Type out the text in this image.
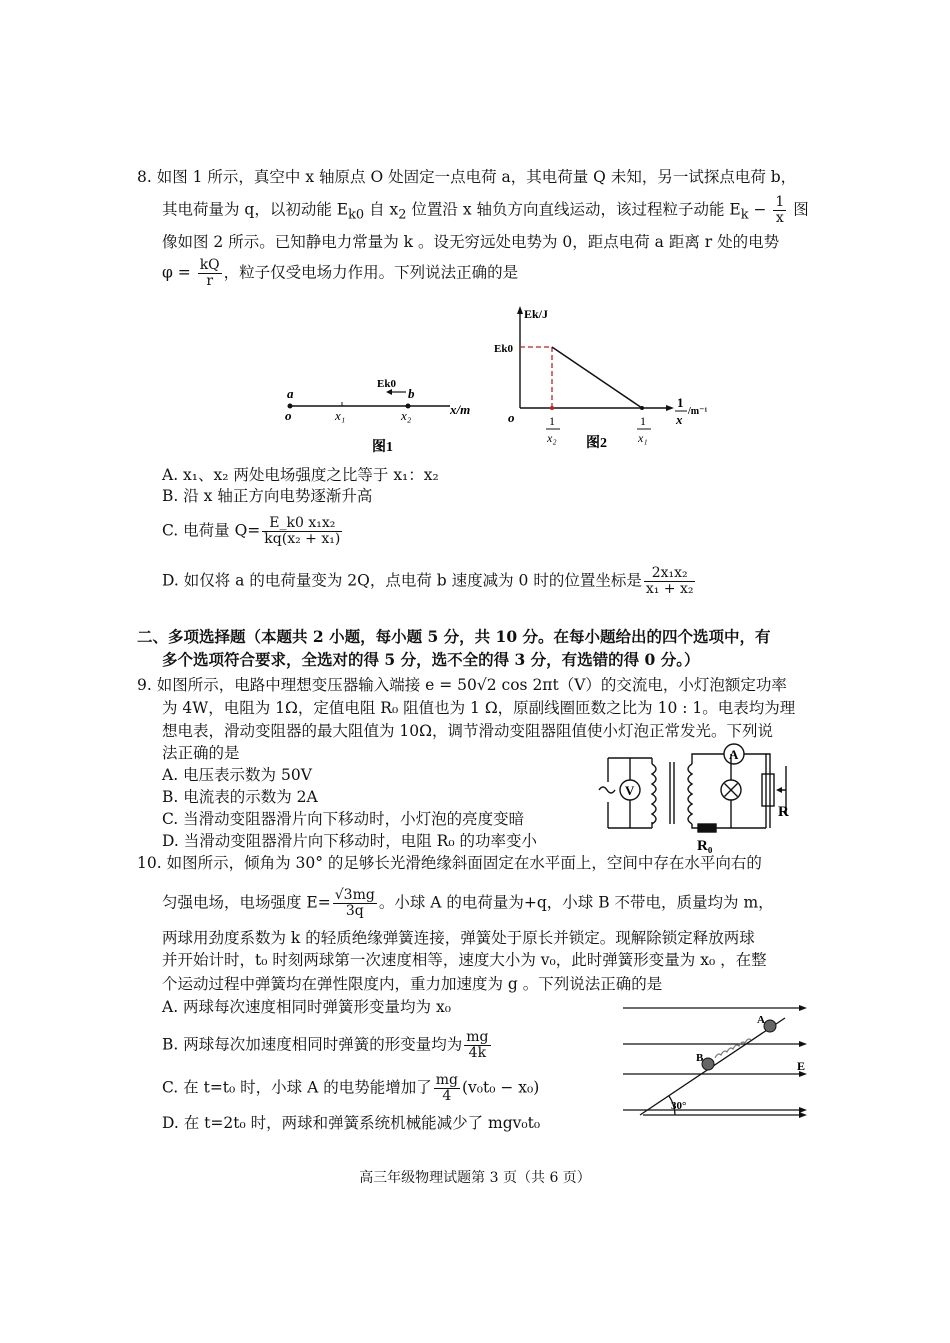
8. 如图 1 所示，真空中 x 轴原点 O 处固定一点电荷 a，其电荷量 Q 未知，另一试探点电荷 b，
其电荷量为 q，以初动能 $E_{k0}$ 自 $x_2$ 位置沿 x 轴负方向直线运动，该过程粒子动能 $E_k - \frac{1}{x}$ 图
像如图 2 所示。已知静电力常量为 k 。设无穷远处电势为 0，距点电荷 a 距离 r 处的电势
$\varphi = \frac{kQ}{r}$ ，粒子仅受电场力作用。下列说法正确的是
a
o	x₁	x₂	x/m
Ek0
b
图1
Ek/J
Ek0
o	1
x₂
1
x₁
1
x
/m⁻¹
图2
A. x₁、x₂ 两处电场强度之比等于 x₁：x₂
B. 沿 x 轴正方向电势逐渐升高
C. 电荷量 $Q= \frac{\text{E\_k0 x₁x₂}}{\text{kq(x₂ + x₁)}}$
D. 如仅将 a 的电荷量变为 2Q，点电荷 b 速度减为 0 时的位置坐标是 $\frac{\text{2x₁x₂}}{\text{x₁ + x₂}}$
二、多项选择题（本题共 2 小题，每小题 5 分，共 10 分。在每小题给出的四个选项中，有
多个选项符合要求，全选对的得 5 分，选不全的得 3 分，有选错的得 0 分。）
9. 如图所示，电路中理想变压器输入端接 e = 50√2 cos 2πt（V）的交流电，小灯泡额定功率
为 4W，电阻为 1Ω，定值电阻 R₀ 阻值也为 1 Ω，原副线圈匝数之比为 10 : 1。电表均为理
想电表，滑动变阻器的最大阻值为 10Ω，调节滑动变阻器阻值使小灯泡正常发光。下列说
法正确的是
A. 电压表示数为 50V
B. 电流表的示数为 2A
C. 当滑动变阻器滑片向下移动时，小灯泡的亮度变暗
D. 当滑动变阻器滑片向下移动时，电阻 R₀ 的功率变小
V
A
R
R₀
10. 如图所示，倾角为 30° 的足够长光滑绝缘斜面固定在水平面上，空间中存在水平向右的
匀强电场，电场强度 $E= \frac{√3mg}{3q}$ 。小球 A 的电荷量为+q，小球 B 不带电，质量均为 m，
两球用劲度系数为 k 的轻质绝缘弹簧连接，弹簧处于原长并锁定。现解除锁定释放两球
并开始计时，t₀ 时刻两球第一次速度相等，速度大小为 v₀，此时弹簧形变量为 x₀ ，在整
个运动过程中弹簧均在弹性限度内，重力加速度为 g 。下列说法正确的是
A. 两球每次速度相同时弹簧形变量均为 x₀
B. 两球每次加速度相同时弹簧的形变量均为 $\frac{mg}{4k}$
C. 在 t=t₀ 时，小球 A 的电势能增加了 $\frac{mg}{4} (v_0t_0 - x_0)$
D. 在 t=2t₀ 时，两球和弹簧系统机械能减少了 mgv₀t₀
A
B
E
30°
高三年级物理试题第 3 页（共 6 页）
